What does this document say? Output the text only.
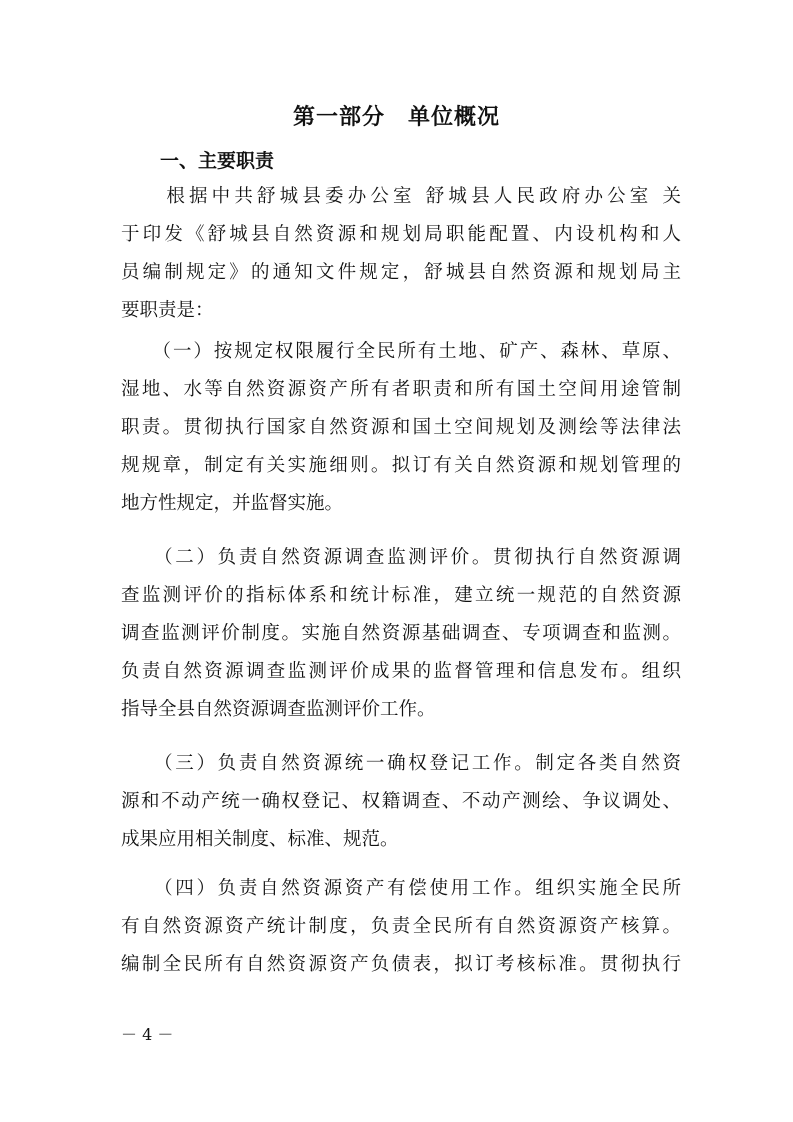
第一部分　单位概况
一、主要职责
　　根据中共舒城县委办公室 舒城县人民政府办公室 关
于印发《舒城县自然资源和规划局职能配置、内设机构和人
员编制规定》的通知文件规定，舒城县自然资源和规划局主
要职责是：
　　（一）按规定权限履行全民所有土地、矿产、森林、草原、
湿地、水等自然资源资产所有者职责和所有国土空间用途管制
职责。贯彻执行国家自然资源和国土空间规划及测绘等法律法
规规章，制定有关实施细则。拟订有关自然资源和规划管理的
地方性规定，并监督实施。
　　（二）负责自然资源调查监测评价。贯彻执行自然资源调
查监测评价的指标体系和统计标准，建立统一规范的自然资源
调查监测评价制度。实施自然资源基础调查、专项调查和监测。
负责自然资源调查监测评价成果的监督管理和信息发布。组织
指导全县自然资源调查监测评价工作。
　　（三）负责自然资源统一确权登记工作。制定各类自然资
源和不动产统一确权登记、权籍调查、不动产测绘、争议调处、
成果应用相关制度、标准、规范。
　　（四）负责自然资源资产有偿使用工作。组织实施全民所
有自然资源资产统计制度，负责全民所有自然资源资产核算。
编制全民所有自然资源资产负债表，拟订考核标准。贯彻执行
－ 4 －
